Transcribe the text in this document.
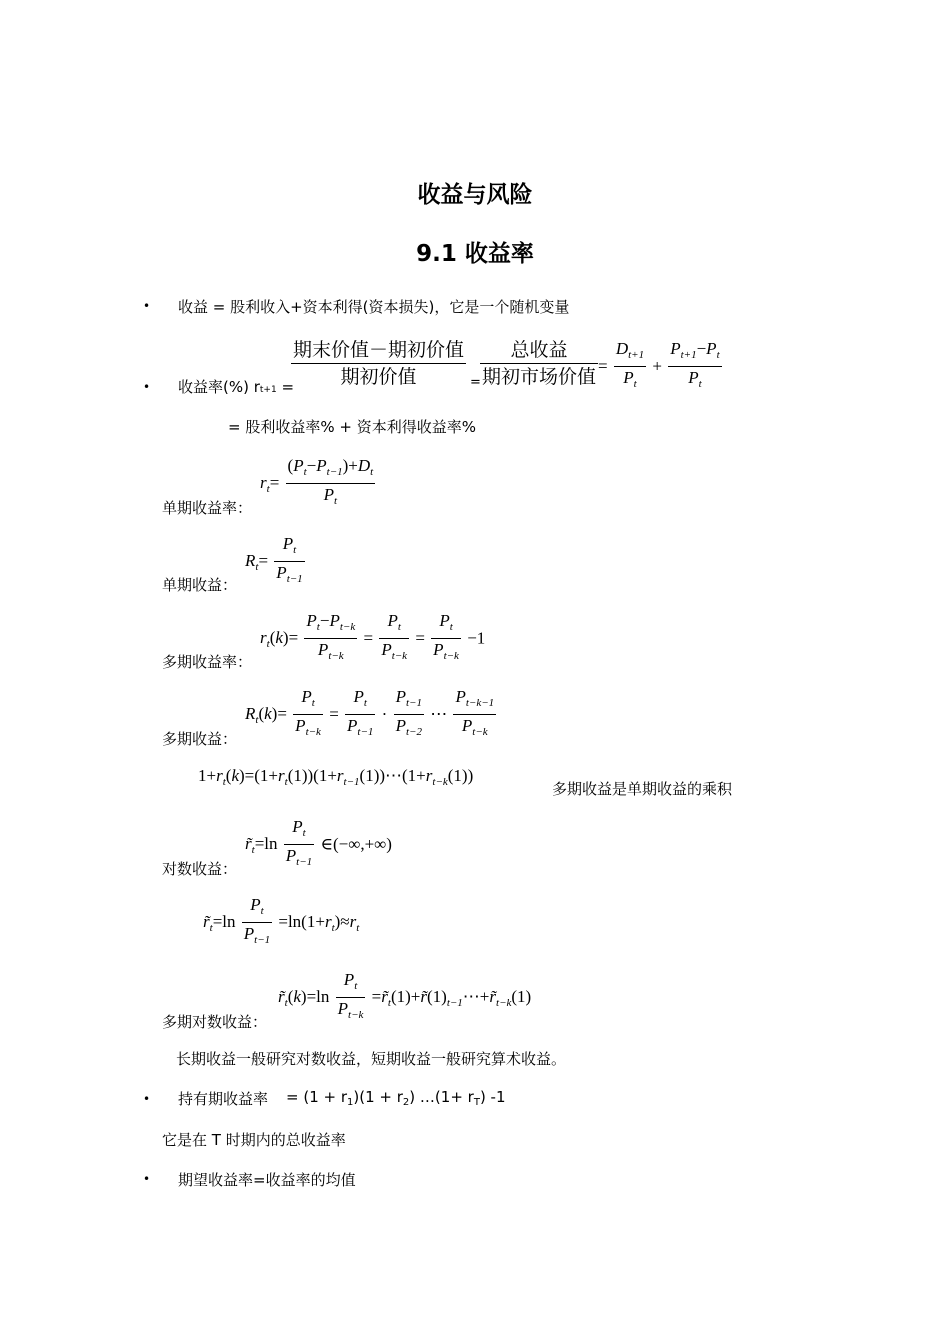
收益与风险
9.1 收益率
• 收益 = 股利收入+资本利得(资本损失)，它是一个随机变量
• 收益率(%) rt+1 =
$\frac{\text{期末价值－期初价值}}{\text{期初价值}} = \frac{\text{总收益}}{\text{期初市场价值}} = \frac{D_{t+1}}{P_t} + \frac{P_{t+1}-P_t}{P_t}$
= 股利收益率% + 资本利得收益率%
单期收益率：
$r_t= \frac{(P_t-P_{t-1})+D_t}{P_t}$
单期收益：
$R_t= \frac{P_t}{P_{t-1}}$
多期收益率：
$r_t(k)= \frac{P_t-P_{t-k}}{P_{t-k}} = \frac{P_t}{P_{t-k}} = \frac{P_t}{P_{t-k}} -1$
多期收益：
$R_t(k)= \frac{P_t}{P_{t-k}} = \frac{P_t}{P_{t-1}} \cdot \frac{P_{t-1}}{P_{t-2}}$ ⋯ $\frac{P_{t-k-1}}{P_{t-k}}$
$1+r_t(k)=(1+r_t(1))(1+r_{t-1}(1))\cdots(1+r_{t-k}(1))$
多期收益是单期收益的乘积
对数收益：
$r̃_t=\ln \frac{P_t}{P_{t-1}}$ ∈(−∞,+∞)
$r̃_t=\ln \frac{P_t}{P_{t-1}} =\ln(1+r_t)\approx r_t$
多期对数收益：
$r̃_t(k)=\ln \frac{P_t}{P_{t-k}}$ $=r̃_t(1)+r̃(1)_{t-1}\cdots+r̃_{t-k}(1)$
长期收益一般研究对数收益，短期收益一般研究算术收益。
• 持有期收益率 = $(1 + r_1)(1 + r_2)$ …(1+ $r_T$) -1
它是在 T 时期内的总收益率
• 期望收益率=收益率的均值
